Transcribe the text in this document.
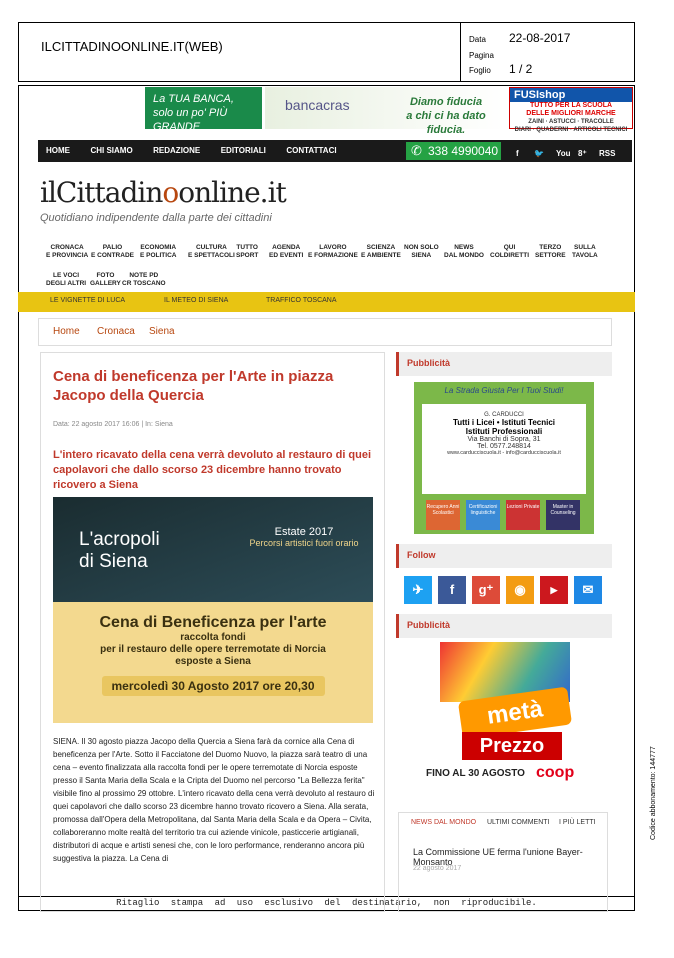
ILCITTADINOONLINE.IT(WEB)	Data 22-08-2017
Pagina
Foglio 1 / 2
Ritaglio stampa ad uso esclusivo del destinatario, non riproducibile.
Codice abbonamento: 144777
La TUA BANCA,
solo un po' PIÙ GRANDE
bancacras	Diamo fiducia
a chi ci ha dato fiducia.
FUSIshop
TUTTO PER LA SCUOLA
DELLE MIGLIORI MARCHE
ZAINI · ASTUCCI · TRACOLLE
DIARI · QUADERNI · ARTICOLI TECNICI
HOME	CHI SIAMO	REDAZIONE	EDITORIALI	CONTATTACI
✆	338 4990040	f	🐦	You 8⁺	RSS
ilCittadinoonline.it
Quotidiano indipendente dalla parte dei cittadini
CRONACA
E PROVINCIA
PALIO
E CONTRADE
ECONOMIA
E POLITICA
CULTURA
E SPETTACOLI
TUTTO
SPORT
AGENDA
ED EVENTI
LAVORO
E FORMAZIONE
SCIENZA
E AMBIENTE
NON SOLO
SIENA
NEWS
DAL MONDO
QUI
COLDIRETTI
TERZO
SETTORE
SULLA
TAVOLA
LE VOCI
DEGLI ALTRI
FOTO
GALLERY
NOTE PD
CR TOSCANO
LE VIGNETTE DI LUCA	IL METEO DI SIENA	TRAFFICO TOSCANA
Home Cronaca Siena
Cena di beneficenza per l'Arte in piazza Jacopo della Quercia
Data: 22 agosto 2017 16:06 | In: Siena
L'intero ricavato della cena verrà devoluto al restauro di quei capolavori che dallo scorso 23 dicembre hanno trovato ricovero a Siena
L'acropoli
di Siena
Estate 2017
Percorsi artistici fuori orario
Cena di Beneficenza per l'arte
raccolta fondi
per il restauro delle opere terremotate di Norcia
esposte a Siena
mercoledì 30 Agosto 2017 ore 20,30
SIENA. Il 30 agosto piazza Jacopo della Quercia a Siena farà da cornice alla Cena di beneficenza per l'Arte. Sotto il Facciatone del Duomo Nuovo, la piazza sarà teatro di una cena – evento finalizzata alla raccolta fondi per le opere terremotate di Norcia esposte presso il Santa Maria della Scala e la Cripta del Duomo nel percorso "La Bellezza ferita" visibile fino al prossimo 29 ottobre. L'intero ricavato della cena verrà devoluto al restauro di quei capolavori che dallo scorso 23 dicembre hanno trovato ricovero a Siena. Alla serata, promossa dall'Opera della Metropolitana, dal Santa Maria della Scala e da Opera – Civita, collaboreranno molte realtà del territorio tra cui aziende vinicole, pasticcerie artigianali, distributori di acque e artisti senesi che, con le loro performance, renderanno ancora più suggestiva la piazza. La Cena di
Pubblicità
La Strada Giusta Per I Tuoi Studi!
G. CARDUCCI
Tutti i Licei • Istituti Tecnici
Istituti Professionali
Via Banchi di Sopra, 31
Tel. 0577.248814
www.carducciscuola.it - info@carducciscuola.it
Recupero Anni Scolastici
Certificazioni linguistiche
Lezioni Private	Master in Counseling
Follow
✈	f	g⁺	◉	▶	✉
Pubblicità
metà
Prezzo
FINO AL 30 AGOSTO coop
NEWS DAL MONDO ULTIMI COMMENTI I PIÙ LETTI
La Commissione UE ferma l'unione Bayer-Monsanto
22 agosto 2017
